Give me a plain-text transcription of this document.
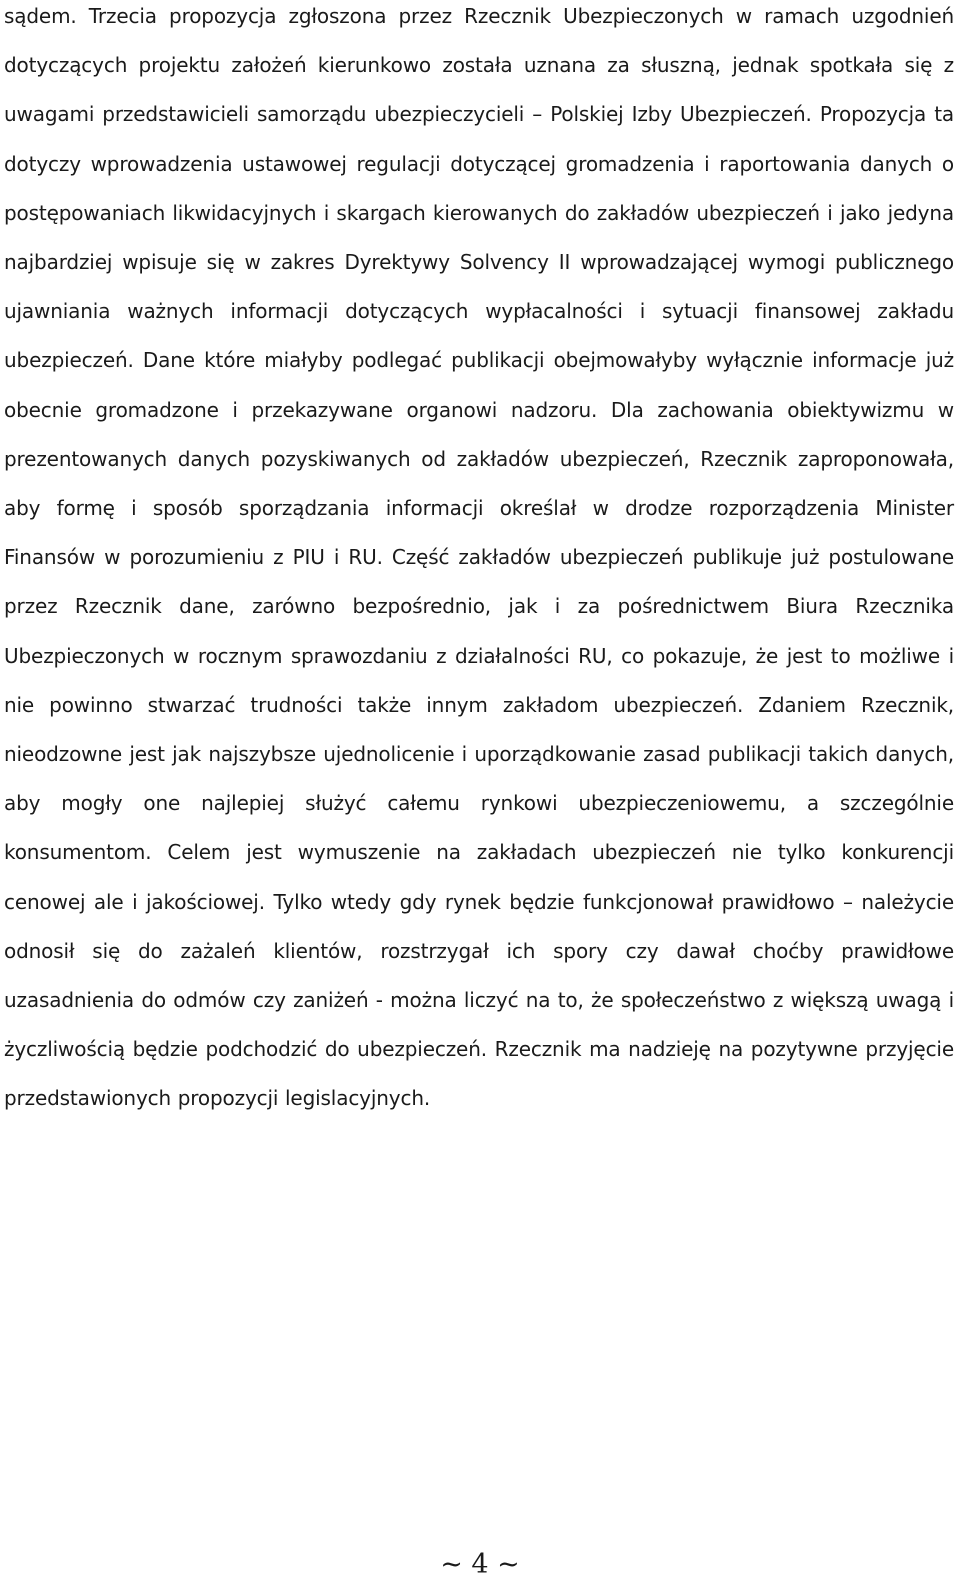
sądem. Trzecia propozycja zgłoszona przez Rzecznik Ubezpieczonych w ramach uzgodnień dotyczących projektu założeń kierunkowo została uznana za słuszną, jednak spotkała się z uwagami przedstawicieli samorządu ubezpieczycieli – Polskiej Izby Ubezpieczeń. Propozycja ta dotyczy wprowadzenia ustawowej regulacji dotyczącej gromadzenia i raportowania danych o postępowaniach likwidacyjnych i skargach kierowanych do zakładów ubezpieczeń i jako jedyna najbardziej wpisuje się w zakres Dyrektywy Solvency II wprowadzającej wymogi publicznego ujawniania ważnych informacji dotyczących wypłacalności i sytuacji finansowej zakładu ubezpieczeń. Dane które miałyby podlegać publikacji obejmowałyby wyłącznie informacje już obecnie gromadzone i przekazywane organowi nadzoru. Dla zachowania obiektywizmu w prezentowanych danych pozyskiwanych od zakładów ubezpieczeń, Rzecznik zaproponowała, aby formę i sposób sporządzania informacji określał w drodze rozporządzenia Minister Finansów w porozumieniu z PIU i RU. Część zakładów ubezpieczeń publikuje już postulowane przez Rzecznik dane, zarówno bezpośrednio, jak i za pośrednictwem Biura Rzecznika Ubezpieczonych w rocznym sprawozdaniu z działalności RU, co pokazuje, że jest to możliwe i nie powinno stwarzać trudności także innym zakładom ubezpieczeń. Zdaniem Rzecznik, nieodzowne jest jak najszybsze ujednolicenie i uporządkowanie zasad publikacji takich danych, aby mogły one najlepiej służyć całemu rynkowi ubezpieczeniowemu, a szczególnie konsumentom. Celem jest wymuszenie na zakładach ubezpieczeń nie tylko konkurencji cenowej ale i jakościowej. Tylko wtedy gdy rynek będzie funkcjonował prawidłowo – należycie odnosił się do zażaleń klientów, rozstrzygał ich spory czy dawał choćby prawidłowe uzasadnienia do odmów czy zaniżeń - można liczyć na to, że społeczeństwo z większą uwagą i życzliwością będzie podchodzić do ubezpieczeń. Rzecznik ma nadzieję na pozytywne przyjęcie przedstawionych propozycji legislacyjnych.

~ 4 ~
